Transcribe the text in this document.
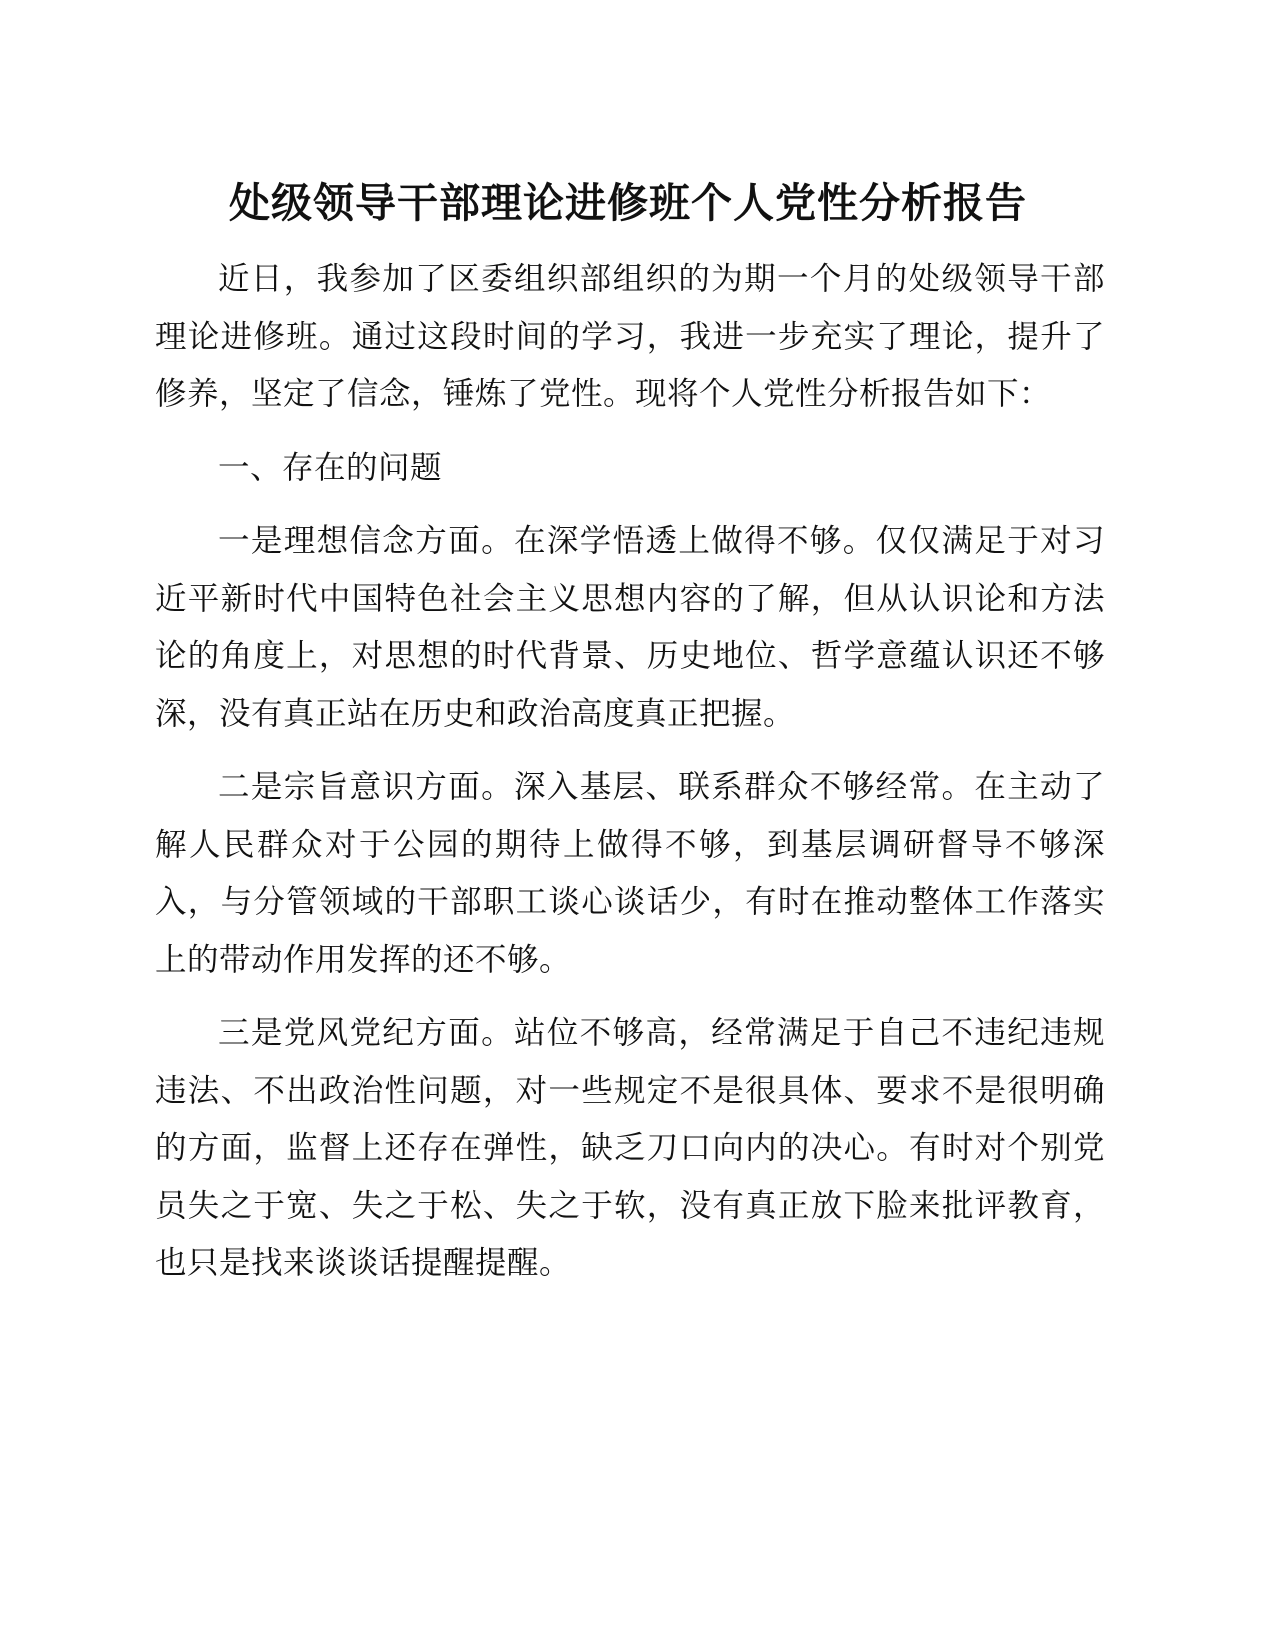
处级领导干部理论进修班个人党性分析报告

近日，我参加了区委组织部组织的为期一个月的处级领导干部理论进修班。通过这段时间的学习，我进一步充实了理论，提升了修养，坚定了信念，锤炼了党性。现将个人党性分析报告如下：

一、存在的问题

一是理想信念方面。在深学悟透上做得不够。仅仅满足于对习近平新时代中国特色社会主义思想内容的了解，但从认识论和方法论的角度上，对思想的时代背景、历史地位、哲学意蕴认识还不够深，没有真正站在历史和政治高度真正把握。

二是宗旨意识方面。深入基层、联系群众不够经常。在主动了解人民群众对于公园的期待上做得不够，到基层调研督导不够深入，与分管领域的干部职工谈心谈话少，有时在推动整体工作落实上的带动作用发挥的还不够。

三是党风党纪方面。站位不够高，经常满足于自己不违纪违规违法、不出政治性问题，对一些规定不是很具体、要求不是很明确的方面，监督上还存在弹性，缺乏刀口向内的决心。有时对个别党员失之于宽、失之于松、失之于软，没有真正放下脸来批评教育，也只是找来谈谈话提醒提醒。
